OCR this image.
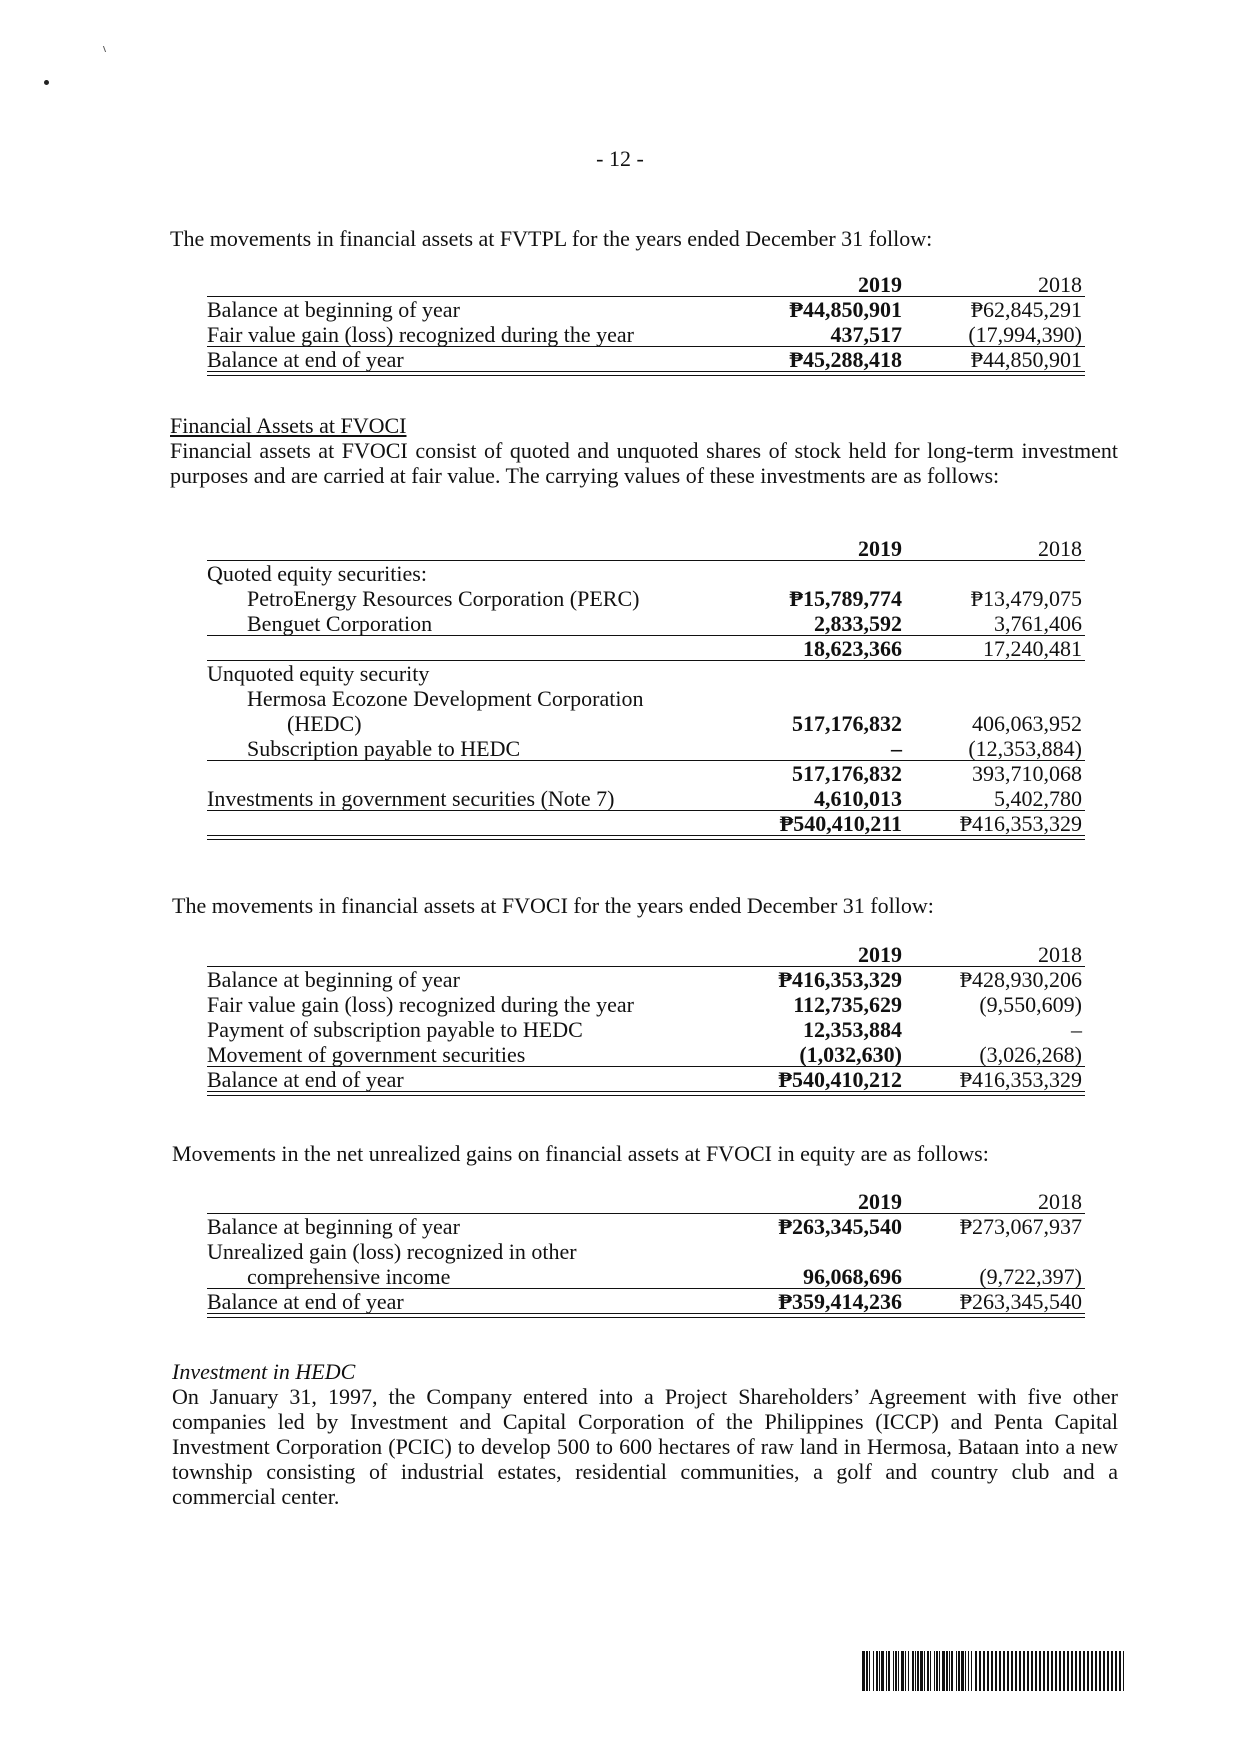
- 12 -
The movements in financial assets at FVTPL for the years ended December 31 follow:
2019	2018
Balance at beginning of year	₱44,850,901	₱62,845,291
Fair value gain (loss) recognized during the year	437,517	(17,994,390)
Balance at end of year	₱45,288,418	₱44,850,901
Financial Assets at FVOCI
Financial assets at FVOCI consist of quoted and unquoted shares of stock held for long-term investment purposes and are carried at fair value. The carrying values of these investments are as follows:
2019	2018
Quoted equity securities:
PetroEnergy Resources Corporation (PERC)	₱15,789,774	₱13,479,075
Benguet Corporation	2,833,592	3,761,406
18,623,366	17,240,481
Unquoted equity security
Hermosa Ecozone Development Corporation
(HEDC)	517,176,832	406,063,952
Subscription payable to HEDC	–	(12,353,884)
517,176,832	393,710,068
Investments in government securities (Note 7)	4,610,013	5,402,780
₱540,410,211	₱416,353,329
The movements in financial assets at FVOCI for the years ended December 31 follow:
2019	2018
Balance at beginning of year	₱416,353,329	₱428,930,206
Fair value gain (loss) recognized during the year	112,735,629	(9,550,609)
Payment of subscription payable to HEDC	12,353,884	–
Movement of government securities	(1,032,630)	(3,026,268)
Balance at end of year	₱540,410,212	₱416,353,329
Movements in the net unrealized gains on financial assets at FVOCI in equity are as follows:
2019	2018
Balance at beginning of year	₱263,345,540	₱273,067,937
Unrealized gain (loss) recognized in other
comprehensive income	96,068,696	(9,722,397)
Balance at end of year	₱359,414,236	₱263,345,540
Investment in HEDC
On January 31, 1997, the Company entered into a Project Shareholders’ Agreement with five other companies led by Investment and Capital Corporation of the Philippines (ICCP) and Penta Capital Investment Corporation (PCIC) to develop 500 to 600 hectares of raw land in Hermosa, Bataan into a new township consisting of industrial estates, residential communities, a golf and country club and a commercial center.
